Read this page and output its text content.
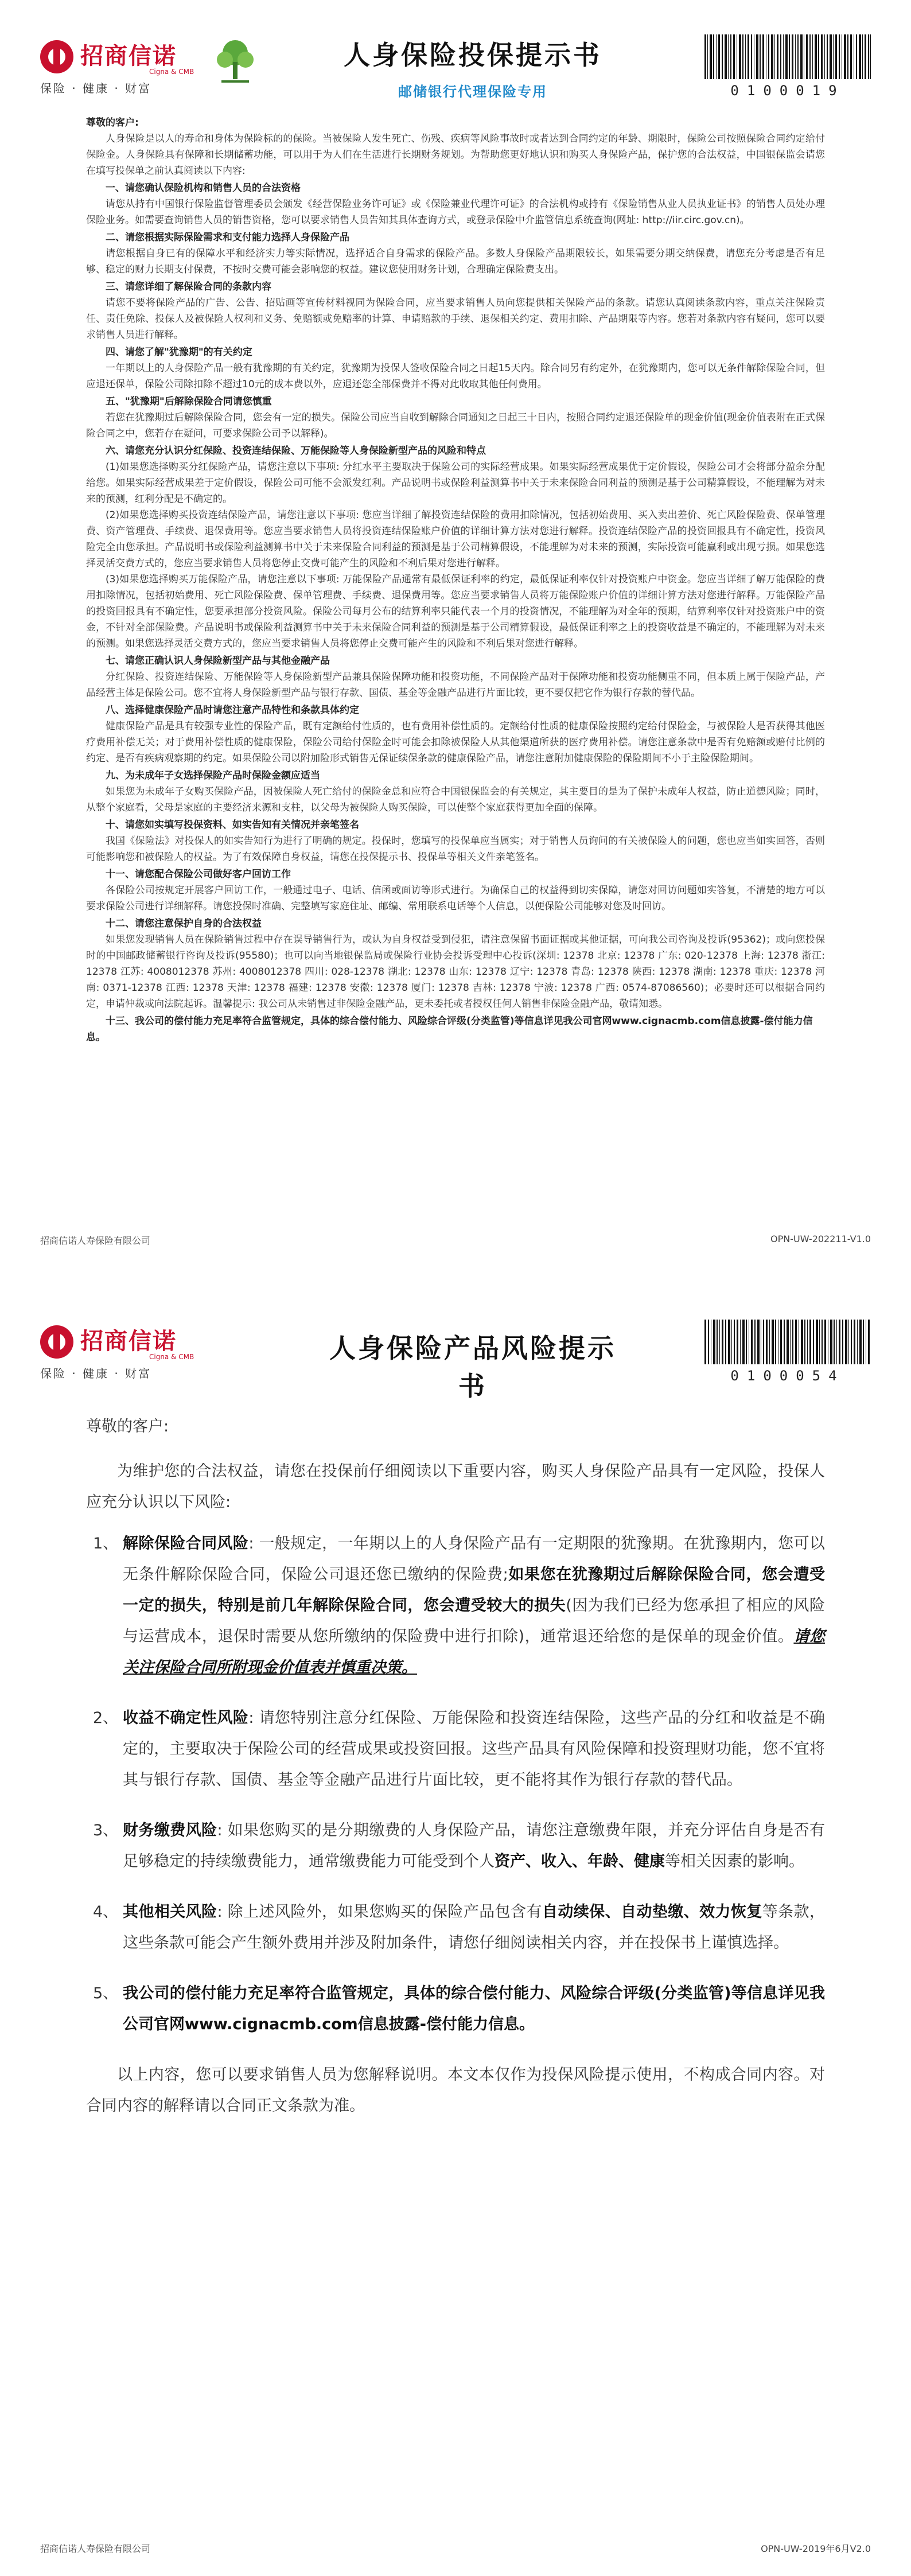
招商信诺
Cigna & CMB
保险 · 健康 · 财富
人身保险投保提示书
邮储银行代理保险专用	0100019
尊敬的客户:

人身保险是以人的寿命和身体为保险标的的保险。当被保险人发生死亡、伤残、疾病等风险事故时或者达到合同约定的年龄、期限时，保险公司按照保险合同约定给付保险金。人身保险具有保障和长期储蓄功能，可以用于为人们在生活进行长期财务规划。为帮助您更好地认识和购买人身保险产品，保护您的合法权益，中国银保监会请您在填写投保单之前认真阅读以下内容:

一、请您确认保险机构和销售人员的合法资格

请您从持有中国银行保险监督管理委员会颁发《经营保险业务许可证》或《保险兼业代理许可证》的合法机构或持有《保险销售从业人员执业证书》的销售人员处办理保险业务。如需要查询销售人员的销售资格，您可以要求销售人员告知其具体查询方式，或登录保险中介监管信息系统查询(网址: http://iir.circ.gov.cn)。

二、请您根据实际保险需求和支付能力选择人身保险产品

请您根据自身已有的保障水平和经济实力等实际情况，选择适合自身需求的保险产品。多数人身保险产品期限较长，如果需要分期交纳保费，请您充分考虑是否有足够、稳定的财力长期支付保费，不按时交费可能会影响您的权益。建议您使用财务计划，合理确定保险费支出。

三、请您详细了解保险合同的条款内容

请您不要将保险产品的广告、公告、招贴画等宣传材料视同为保险合同，应当要求销售人员向您提供相关保险产品的条款。请您认真阅读条款内容，重点关注保险责任、责任免除、投保人及被保险人权利和义务、免赔额或免赔率的计算、申请赔款的手续、退保相关约定、费用扣除、产品期限等内容。您若对条款内容有疑问，您可以要求销售人员进行解释。

四、请您了解"犹豫期"的有关约定

一年期以上的人身保险产品一般有犹豫期的有关约定，犹豫期为投保人签收保险合同之日起15天内。除合同另有约定外，在犹豫期内，您可以无条件解除保险合同，但应退还保单，保险公司除扣除不超过10元的成本费以外，应退还您全部保费并不得对此收取其他任何费用。

五、"犹豫期"后解除保险合同请您慎重

若您在犹豫期过后解除保险合同，您会有一定的损失。保险公司应当自收到解除合同通知之日起三十日内，按照合同约定退还保险单的现金价值(现金价值表附在正式保险合同之中，您若存在疑问，可要求保险公司予以解释)。

六、请您充分认识分红保险、投资连结保险、万能保险等人身保险新型产品的风险和特点

(1)如果您选择购买分红保险产品，请您注意以下事项: 分红水平主要取决于保险公司的实际经营成果。如果实际经营成果优于定价假设，保险公司才会将部分盈余分配给您。如果实际经营成果差于定价假设，保险公司可能不会派发红利。产品说明书或保险利益测算书中关于未来保险合同利益的预测是基于公司精算假设，不能理解为对未来的预测，红利分配是不确定的。

(2)如果您选择购买投资连结保险产品，请您注意以下事项: 您应当详细了解投资连结保险的费用扣除情况，包括初始费用、买入卖出差价、死亡风险保险费、保单管理费、资产管理费、手续费、退保费用等。您应当要求销售人员将投资连结保险账户价值的详细计算方法对您进行解释。投资连结保险产品的投资回报具有不确定性，投资风险完全由您承担。产品说明书或保险利益测算书中关于未来保险合同利益的预测是基于公司精算假设，不能理解为对未来的预测，实际投资可能赢利或出现亏损。如果您选择灵活交费方式的，您应当要求销售人员将您停止交费可能产生的风险和不利后果对您进行解释。

(3)如果您选择购买万能保险产品，请您注意以下事项: 万能保险产品通常有最低保证利率的约定，最低保证利率仅针对投资账户中资金。您应当详细了解万能保险的费用扣除情况，包括初始费用、死亡风险保险费、保单管理费、手续费、退保费用等。您应当要求销售人员将万能保险账户价值的详细计算方法对您进行解释。万能保险产品的投资回报具有不确定性，您要承担部分投资风险。保险公司每月公布的结算利率只能代表一个月的投资情况，不能理解为对全年的预期，结算利率仅针对投资账户中的资金，不针对全部保险费。产品说明书或保险利益测算书中关于未来保险合同利益的预测是基于公司精算假设，最低保证利率之上的投资收益是不确定的，不能理解为对未来的预测。如果您选择灵活交费方式的，您应当要求销售人员将您停止交费可能产生的风险和不利后果对您进行解释。

七、请您正确认识人身保险新型产品与其他金融产品

分红保险、投资连结保险、万能保险等人身保险新型产品兼具保险保障功能和投资功能，不同保险产品对于保障功能和投资功能侧重不同，但本质上属于保险产品，产品经营主体是保险公司。您不宜将人身保险新型产品与银行存款、国债、基金等金融产品进行片面比较，更不要仅把它作为银行存款的替代品。

八、选择健康保险产品时请您注意产品特性和条款具体约定

健康保险产品是具有较强专业性的保险产品，既有定额给付性质的，也有费用补偿性质的。定额给付性质的健康保险按照约定给付保险金，与被保险人是否获得其他医疗费用补偿无关；对于费用补偿性质的健康保险，保险公司给付保险金时可能会扣除被保险人从其他渠道所获的医疗费用补偿。请您注意条款中是否有免赔额或赔付比例的约定、是否有疾病观察期的约定。如果保险公司以附加险形式销售无保证续保条款的健康保险产品，请您注意附加健康保险的保险期间不小于主险保险期间。

九、为未成年子女选择保险产品时保险金额应适当

如果您为未成年子女购买保险产品，因被保险人死亡给付的保险金总和应符合中国银保监会的有关规定，其主要目的是为了保护未成年人权益，防止道德风险；同时，从整个家庭看，父母是家庭的主要经济来源和支柱，以父母为被保险人购买保险，可以使整个家庭获得更加全面的保障。

十、请您如实填写投保资料、如实告知有关情况并亲笔签名

我国《保险法》对投保人的如实告知行为进行了明确的规定。投保时，您填写的投保单应当属实；对于销售人员询问的有关被保险人的问题，您也应当如实回答，否则可能影响您和被保险人的权益。为了有效保障自身权益，请您在投保提示书、投保单等相关文件亲笔签名。

十一、请您配合保险公司做好客户回访工作

各保险公司按规定开展客户回访工作，一般通过电子、电话、信函或面访等形式进行。为确保自己的权益得到切实保障，请您对回访问题如实答复，不清楚的地方可以要求保险公司进行详细解释。请您投保时准确、完整填写家庭住址、邮编、常用联系电话等个人信息，以便保险公司能够对您及时回访。

十二、请您注意保护自身的合法权益

如果您发现销售人员在保险销售过程中存在误导销售行为，或认为自身权益受到侵犯，请注意保留书面证据或其他证据，可向我公司咨询及投诉(95362)；或向您投保时的中国邮政储蓄银行咨询及投诉(95580)；也可以向当地银保监局或保险行业协会投诉受理中心投诉(深圳: 12378 北京: 12378 广东: 020-12378 上海: 12378 浙江: 12378 江苏: 4008012378 苏州: 4008012378 四川: 028-12378 湖北: 12378 山东: 12378 辽宁: 12378 青岛: 12378 陕西: 12378 湖南: 12378 重庆: 12378 河南: 0371-12378 江西: 12378 天津: 12378 福建: 12378 安徽: 12378 厦门: 12378 吉林: 12378 宁波: 12378 广西: 0574-87086560)；必要时还可以根据合同约定，申请仲裁或向法院起诉。温馨提示: 我公司从未销售过非保险金融产品，更未委托或者授权任何人销售非保险金融产品，敬请知悉。

十三、我公司的偿付能力充足率符合监管规定，具体的综合偿付能力、风险综合评级(分类监管)等信息详见我公司官网www.cignacmb.com信息披露-偿付能力信息。
招商信诺人寿保险有限公司	OPN-UW-202211-V1.0
招商信诺
Cigna & CMB
保险 · 健康 · 财富
人身保险产品风险提示书	0100054
尊敬的客户:

为维护您的合法权益，请您在投保前仔细阅读以下重要内容，购买人身保险产品具有一定风险，投保人应充分认识以下风险:

1、 解除保险合同风险: 一般规定，一年期以上的人身保险产品有一定期限的犹豫期。在犹豫期内，您可以无条件解除保险合同，保险公司退还您已缴纳的保险费;如果您在犹豫期过后解除保险合同，您会遭受一定的损失，特别是前几年解除保险合同，您会遭受较大的损失(因为我们已经为您承担了相应的风险与运营成本，退保时需要从您所缴纳的保险费中进行扣除)，通常退还给您的是保单的现金价值。请您关注保险合同所附现金价值表并慎重决策。
2、 收益不确定性风险: 请您特别注意分红保险、万能保险和投资连结保险，这些产品的分红和收益是不确定的，主要取决于保险公司的经营成果或投资回报。这些产品具有风险保障和投资理财功能，您不宜将其与银行存款、国债、基金等金融产品进行片面比较，更不能将其作为银行存款的替代品。
3、 财务缴费风险: 如果您购买的是分期缴费的人身保险产品，请您注意缴费年限，并充分评估自身是否有足够稳定的持续缴费能力，通常缴费能力可能受到个人资产、收入、年龄、健康等相关因素的影响。
4、 其他相关风险: 除上述风险外，如果您购买的保险产品包含有自动续保、自动垫缴、效力恢复等条款，这些条款可能会产生额外费用并涉及附加条件，请您仔细阅读相关内容，并在投保书上谨慎选择。
5、 我公司的偿付能力充足率符合监管规定，具体的综合偿付能力、风险综合评级(分类监管)等信息详见我公司官网www.cignacmb.com信息披露-偿付能力信息。

以上内容，您可以要求销售人员为您解释说明。本文本仅作为投保风险提示使用，不构成合同内容。对合同内容的解释请以合同正文条款为准。

招商信诺人寿保险有限公司	OPN-UW-2019年6月V2.0
